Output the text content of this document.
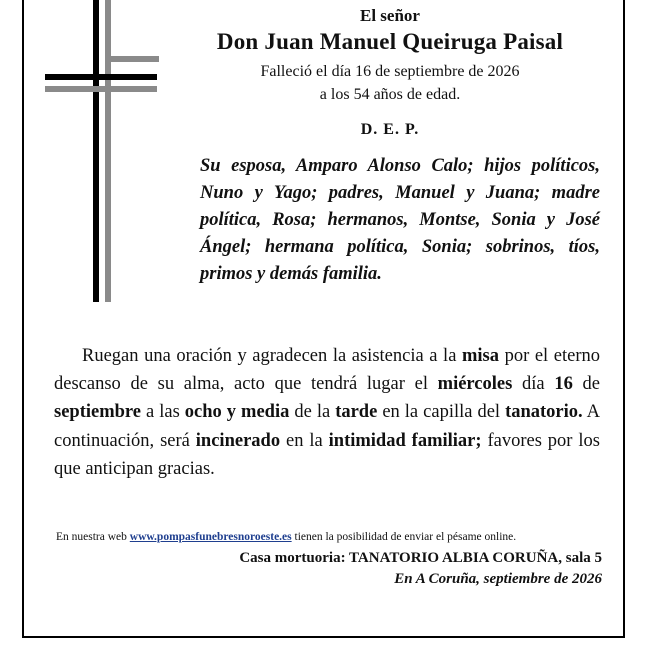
El señor
Don Juan Manuel Queiruga Paisal
Falleció el día 16 de septiembre de 2026
a los 54 años de edad.
D. E. P.
Su esposa, Amparo Alonso Calo; hijos políticos, Nuno y Yago; padres, Manuel y Juana; madre política, Rosa; hermanos, Montse, Sonia y José Ángel; hermana política, Sonia; sobrinos, tíos, primos y demás familia.
Ruegan una oración y agradecen la asistencia a la misa por el eterno descanso de su alma, acto que tendrá lugar el miércoles día 16 de septiembre a las ocho y media de la tarde en la capilla del tanatorio. A continuación, será incinerado en la intimidad familiar; favores por los que anticipan gracias.
En nuestra web www.pompasfunebresnoroeste.es tienen la posibilidad de enviar el pésame online.
Casa mortuoria: TANATORIO ALBIA CORUÑA, sala 5
En A Coruña, septiembre de 2026
